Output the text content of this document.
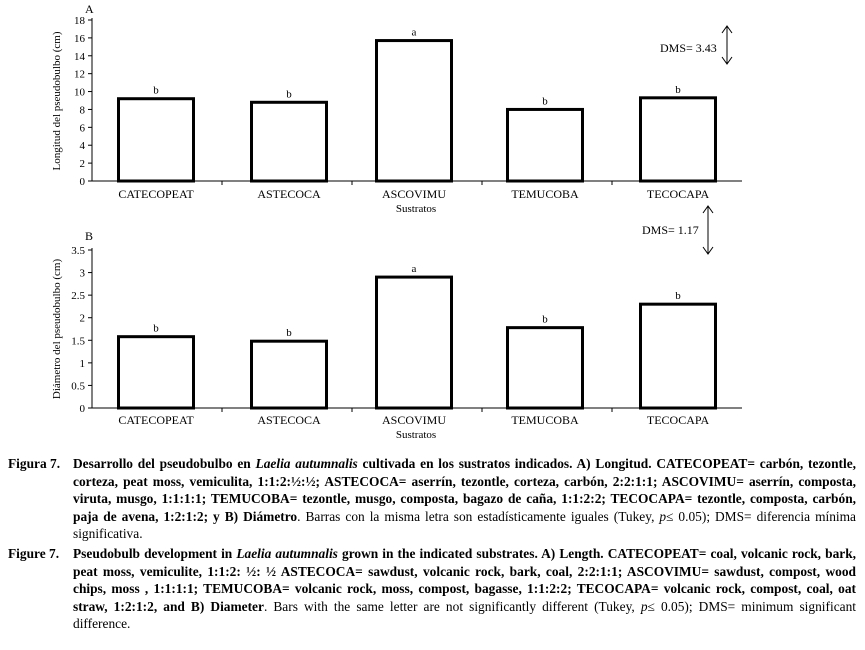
A
0
2
4
6
8
10
12
14
16
18
b
CATECOPEAT
b
ASTECOCA
a
ASCOVIMU
b
TEMUCOBA
b
TECOCAPA
Sustratos
Longitud del pseudobulbo (cm)	DMS= 3.43
B
0
0.5
1
1.5
2
2.5
3
3.5
b
CATECOPEAT
b
ASTECOCA
a
ASCOVIMU
b
TEMUCOBA
b
TECOCAPA
Sustratos
Diámetro del pseudobulbo (cm)
DMS= 1.17
Figura 7. Desarrollo del pseudobulbo en Laelia autumnalis cultivada en los sustratos indicados. A) Longitud. CATECOPEAT= carbón, tezontle, corteza, peat moss, vemiculita, 1:1:2:½:½; ASTECOCA= aserrín, tezontle, corteza, carbón, 2:2:1:1; ASCOVIMU= aserrín, composta, viruta, musgo, 1:1:1:1; TEMUCOBA= tezontle, musgo, composta, bagazo de caña, 1:1:2:2; TECOCAPA= tezontle, composta, carbón, paja de avena, 1:2:1:2; y B) Diámetro. Barras con la misma letra son estadísticamente iguales (Tukey, p≤ 0.05); DMS= diferencia mínima significativa.
Figure 7. Pseudobulb development in Laelia autumnalis grown in the indicated substrates. A) Length. CATECOPEAT= coal, volcanic rock, bark, peat moss, vemiculite, 1:1:2: ½: ½ ASTECOCA= sawdust, volcanic rock, bark, coal, 2:2:1:1; ASCOVIMU= sawdust, compost, wood chips, moss , 1:1:1:1; TEMUCOBA= volcanic rock, moss, compost, bagasse, 1:1:2:2; TECOCAPA= volcanic rock, compost, coal, oat straw, 1:2:1:2, and B) Diameter. Bars with the same letter are not significantly different (Tukey, p≤ 0.05); DMS= minimum significant difference.
